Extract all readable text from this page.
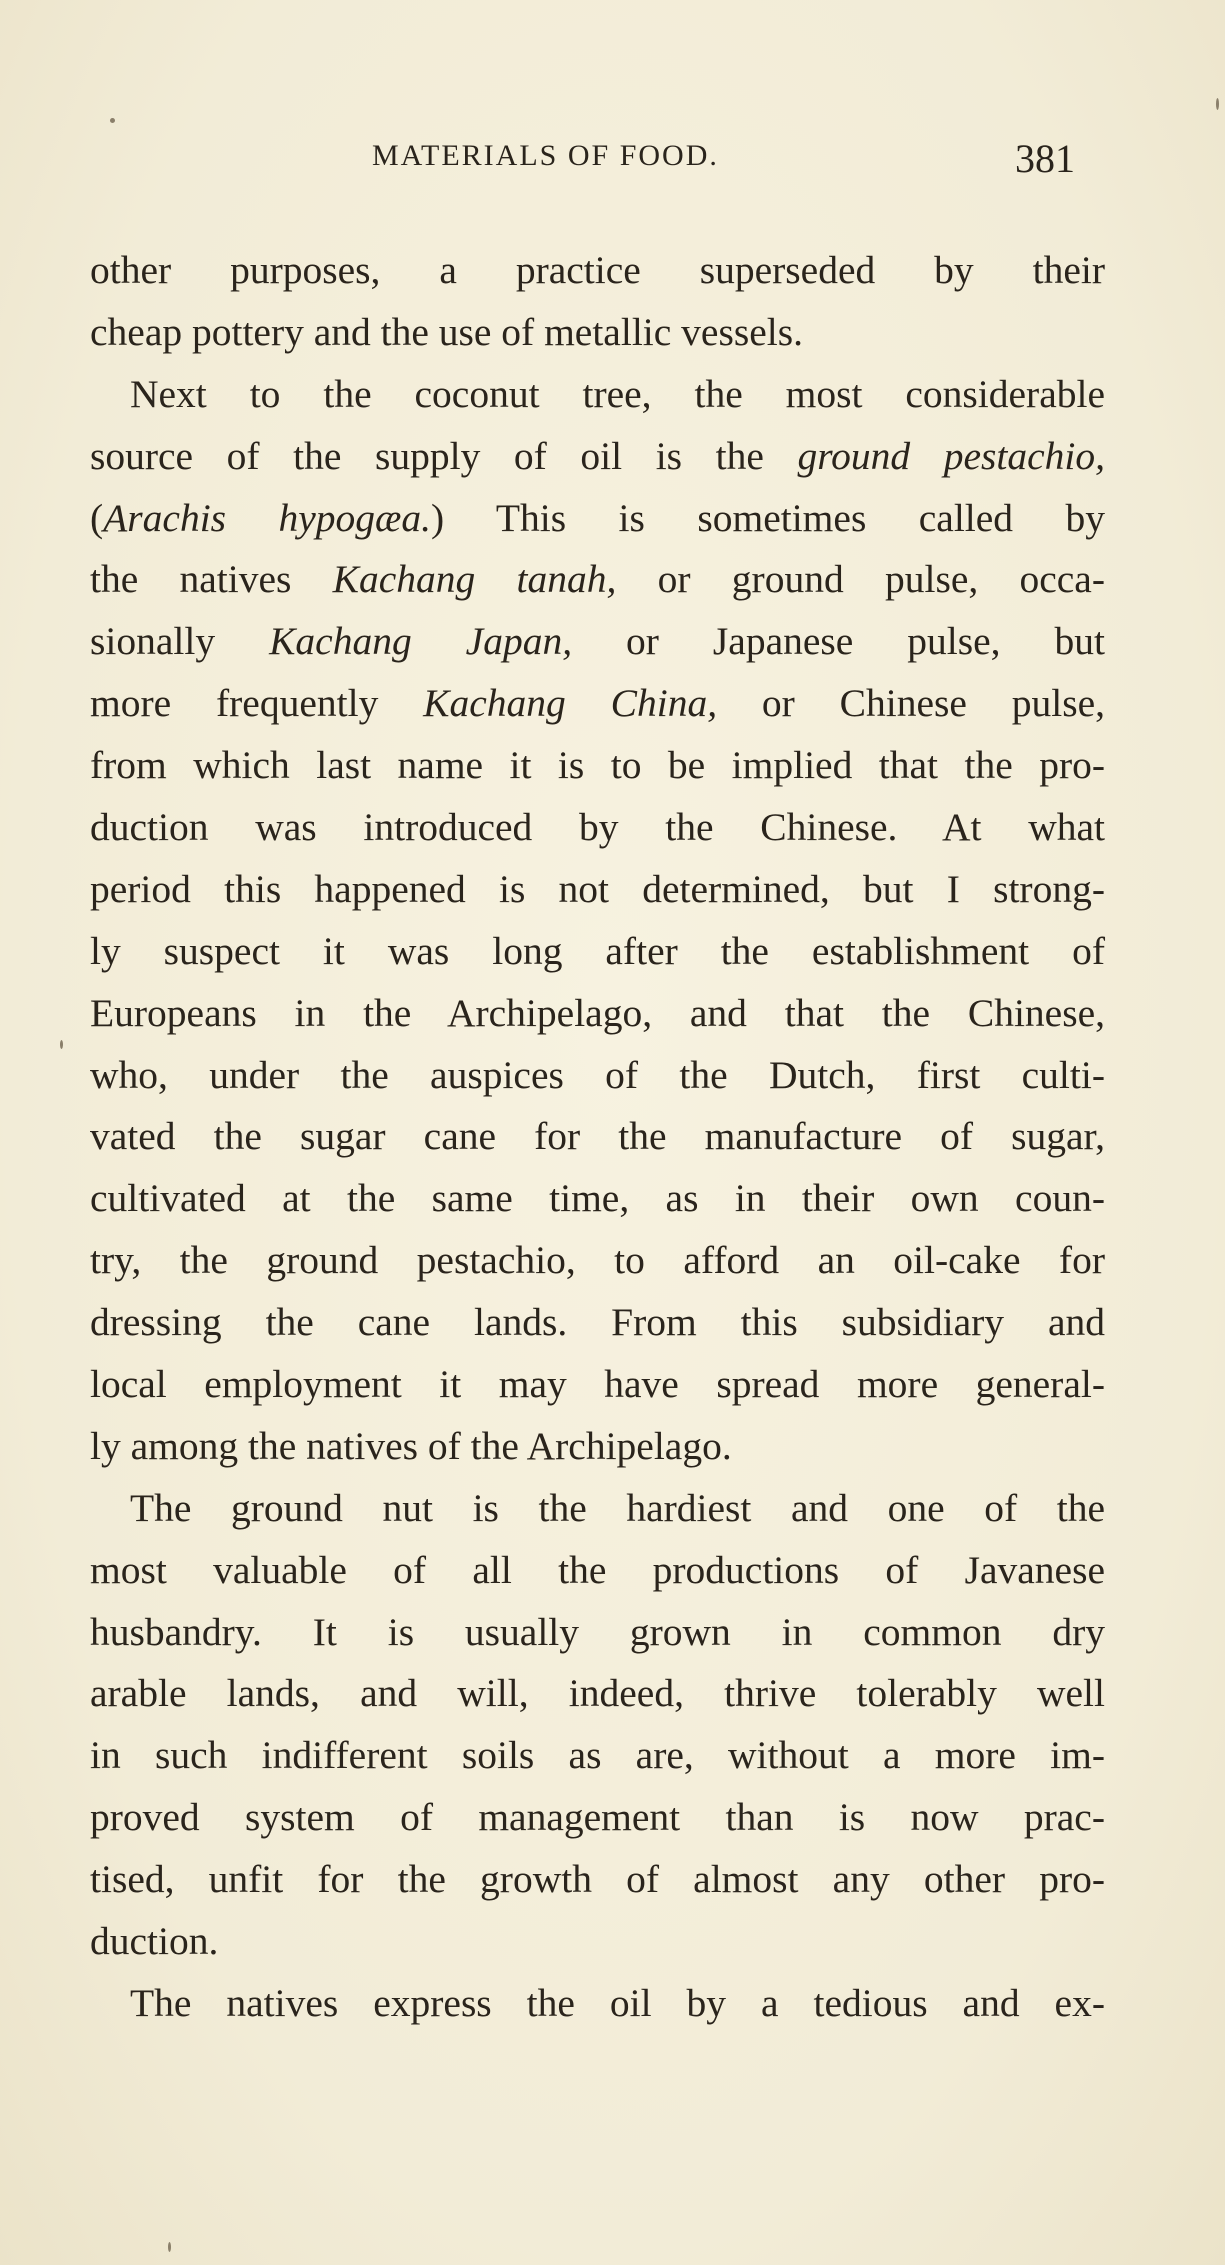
MATERIALS OF FOOD.	381
other purposes, a practice superseded by their
cheap pottery and the use of metallic vessels.
Next to the coconut tree, the most considerable
source of the supply of oil is the ground pestachio,
(Arachis hypogæa.) This is sometimes called by
the natives Kachang tanah, or ground pulse, occa-
sionally Kachang Japan, or Japanese pulse, but
more frequently Kachang China, or Chinese pulse,
from which last name it is to be implied that the pro-
duction was introduced by the Chinese. At what
period this happened is not determined, but I strong-
ly suspect it was long after the establishment of
Europeans in the Archipelago, and that the Chinese,
who, under the auspices of the Dutch, first culti-
vated the sugar cane for the manufacture of sugar,
cultivated at the same time, as in their own coun-
try, the ground pestachio, to afford an oil-cake for
dressing the cane lands. From this subsidiary and
local employment it may have spread more general-
ly among the natives of the Archipelago.
The ground nut is the hardiest and one of the
most valuable of all the productions of Javanese
husbandry. It is usually grown in common dry
arable lands, and will, indeed, thrive tolerably well
in such indifferent soils as are, without a more im-
proved system of management than is now prac-
tised, unfit for the growth of almost any other pro-
duction.
The natives express the oil by a tedious and ex-
